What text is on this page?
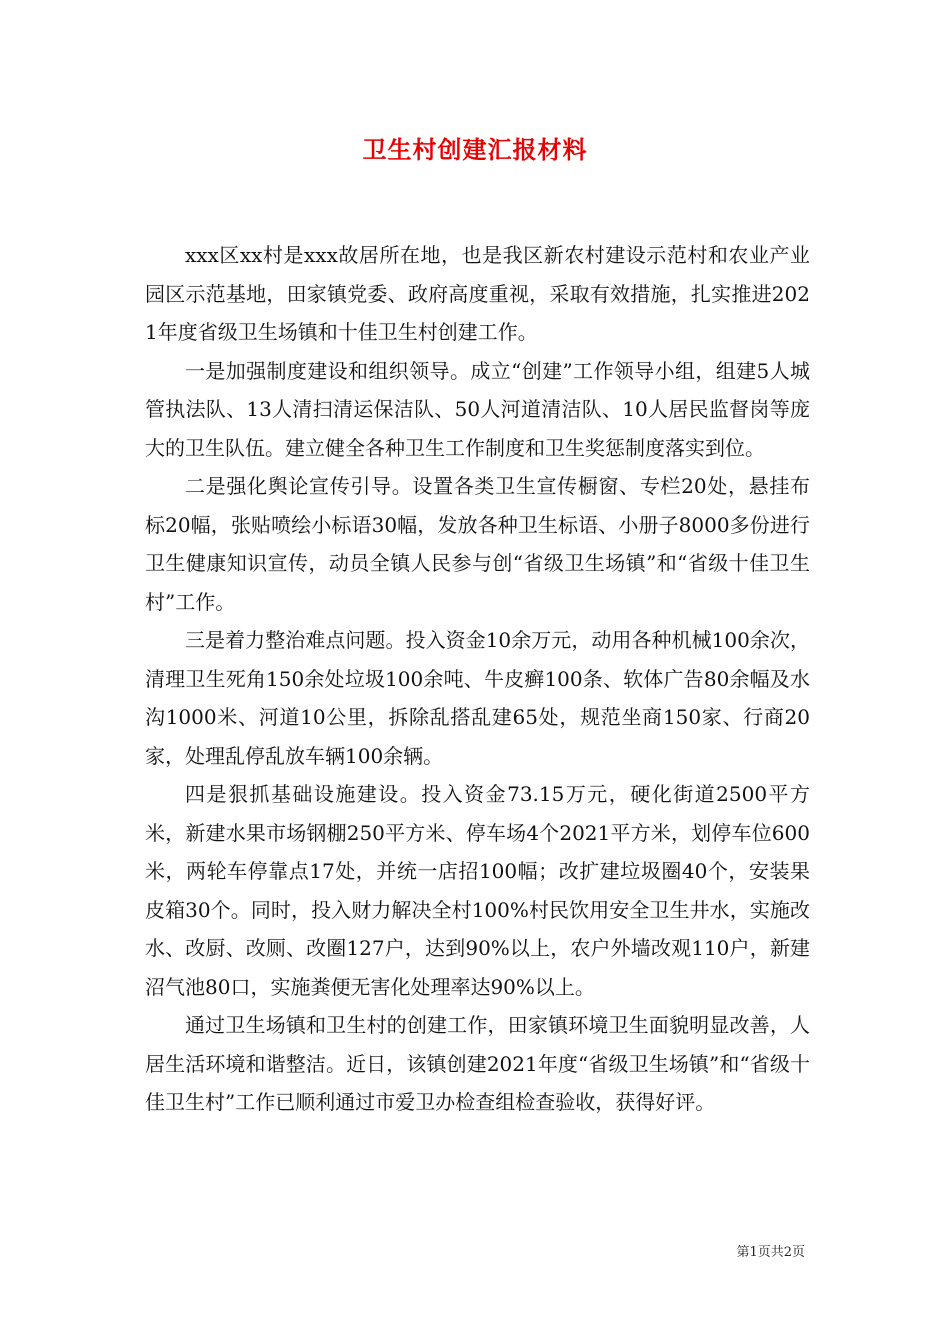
卫生村创建汇报材料

xxx区xx村是xxx故居所在地，也是我区新农村建设示范村和农业产业园区示范基地，田家镇党委、政府高度重视，采取有效措施，扎实推进2021年度省级卫生场镇和十佳卫生村创建工作。

一是加强制度建设和组织领导。成立“创建”工作领导小组，组建5人城管执法队、13人清扫清运保洁队、50人河道清洁队、10人居民监督岗等庞大的卫生队伍。建立健全各种卫生工作制度和卫生奖惩制度落实到位。

二是强化舆论宣传引导。设置各类卫生宣传橱窗、专栏20处，悬挂布标20幅，张贴喷绘小标语30幅，发放各种卫生标语、小册子8000多份进行卫生健康知识宣传，动员全镇人民参与创“省级卫生场镇”和“省级十佳卫生村”工作。

三是着力整治难点问题。投入资金10余万元，动用各种机械100余次，清理卫生死角150余处垃圾100余吨、牛皮癣100条、软体广告80余幅及水沟1000米、河道10公里，拆除乱搭乱建65处，规范坐商150家、行商20家，处理乱停乱放车辆100余辆。

四是狠抓基础设施建设。投入资金73.15万元，硬化街道2500平方米，新建水果市场钢棚250平方米、停车场4个2021平方米，划停车位600米，两轮车停靠点17处，并统一店招100幅；改扩建垃圾圈40个，安装果皮箱30个。同时，投入财力解决全村100%村民饮用安全卫生井水，实施改水、改厨、改厕、改圈127户，达到90%以上，农户外墙改观110户，新建沼气池80口，实施粪便无害化处理率达90%以上。

通过卫生场镇和卫生村的创建工作，田家镇环境卫生面貌明显改善，人居生活环境和谐整洁。近日，该镇创建2021年度“省级卫生场镇”和“省级十佳卫生村”工作已顺利通过市爱卫办检查组检查验收，获得好评。

第1页共2页
